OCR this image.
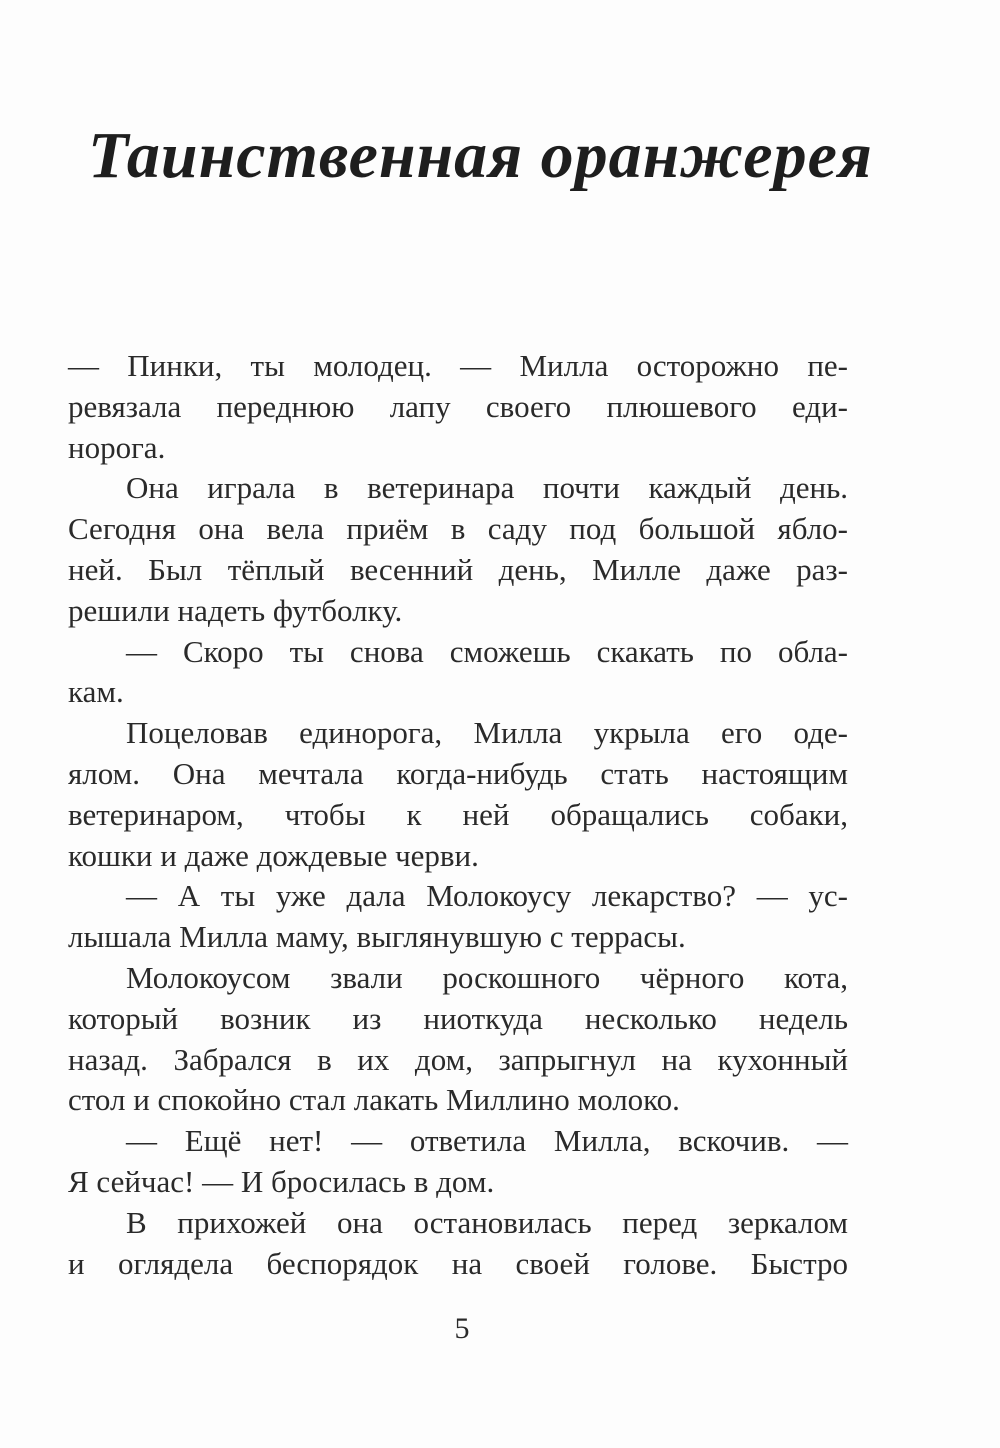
Таинственная оранжерея
— Пинки, ты молодец. — Милла осторожно пе-
ревязала переднюю лапу своего плюшевого еди-
норога.
Она играла в ветеринара почти каждый день.
Сегодня она вела приём в саду под большой ябло-
ней. Был тёплый весенний день, Милле даже раз-
решили надеть футболку.
— Скоро ты снова сможешь скакать по обла-
кам.
Поцеловав единорога, Милла укрыла его оде-
ялом. Она мечтала когда-нибудь стать настоящим
ветеринаром, чтобы к ней обращались собаки,
кошки и даже дождевые черви.
— А ты уже дала Молокоусу лекарство? — ус-
лышала Милла маму, выглянувшую с террасы.
Молокоусом звали роскошного чёрного кота,
который возник из ниоткуда несколько недель
назад. Забрался в их дом, запрыгнул на кухонный
стол и спокойно стал лакать Миллино молоко.
— Ещё нет! — ответила Милла, вскочив. —
Я сейчас! — И бросилась в дом.
В прихожей она остановилась перед зеркалом
и оглядела беспорядок на своей голове. Быстро
5
